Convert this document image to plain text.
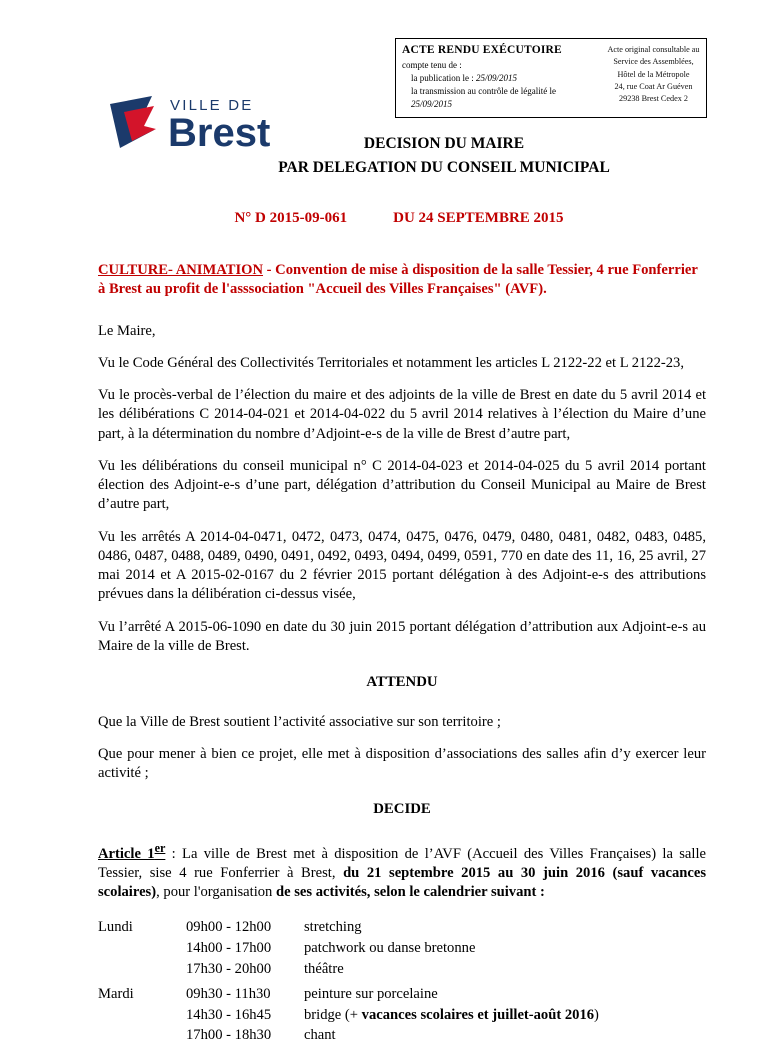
VILLE DE
Brest
ACTE RENDU EXÉCUTOIRE
compte tenu de :
la publication le : 25/09/2015
la transmission au contrôle de légalité le 25/09/2015
Acte original consultable au
Service des Assemblées,
Hôtel de la Métropole
24, rue Coat Ar Guéven
29238 Brest Cedex 2
DECISION DU MAIRE
PAR DELEGATION DU CONSEIL MUNICIPAL
N° D 2015-09-061	DU 24 SEPTEMBRE 2015

CULTURE- ANIMATION - Convention de mise à disposition de la salle Tessier, 4 rue Fonferrier à Brest au profit de l'asssociation "Accueil des Villes Françaises" (AVF).

Le Maire,

Vu le Code Général des Collectivités Territoriales et notamment les articles L 2122-22 et L 2122-23,

Vu le procès-verbal de l’élection du maire et des adjoints de la ville de Brest en date du 5 avril 2014 et les délibérations C 2014-04-021 et 2014-04-022 du 5 avril 2014 relatives à l’élection du Maire d’une part, à la détermination du nombre d’Adjoint-e-s de la ville de Brest d’autre part,

Vu les délibérations du conseil municipal n° C 2014-04-023 et 2014-04-025 du 5 avril 2014 portant élection des Adjoint-e-s d’une part, délégation d’attribution du Conseil Municipal au Maire de Brest d’autre part,

Vu les arrêtés A 2014-04-0471, 0472, 0473, 0474, 0475, 0476, 0479, 0480, 0481, 0482, 0483, 0485, 0486, 0487, 0488, 0489, 0490, 0491, 0492, 0493, 0494, 0499, 0591, 770 en date des 11, 16, 25 avril, 27 mai 2014 et A 2015-02-0167 du 2 février 2015 portant délégation à des Adjoint-e-s des attributions prévues dans la délibération ci-dessus visée,

Vu l’arrêté A 2015-06-1090 en date du 30 juin 2015 portant délégation d’attribution aux Adjoint-e-s au Maire de la ville de Brest.

ATTENDU

Que la Ville de Brest soutient l’activité associative sur son territoire ;

Que pour mener à bien ce projet, elle met à disposition d’associations des salles afin d’y exercer leur activité ;

DECIDE

Article 1er : La ville de Brest met à disposition de l’AVF (Accueil des Villes Françaises) la salle Tessier, sise 4 rue Fonferrier à Brest, du 21 septembre 2015 au 30 juin 2016 (sauf vacances scolaires), pour l'organisation de ses activités, selon le calendrier suivant :

Lundi	09h00 - 12h00	stretching
	14h00 - 17h00	patchwork ou danse bretonne
	17h30 - 20h00	théâtre
Mardi	09h30 - 11h30	peinture sur porcelaine
	14h30 - 16h45	bridge (+ vacances scolaires et juillet-août 2016)
	17h00 - 18h30	chant
